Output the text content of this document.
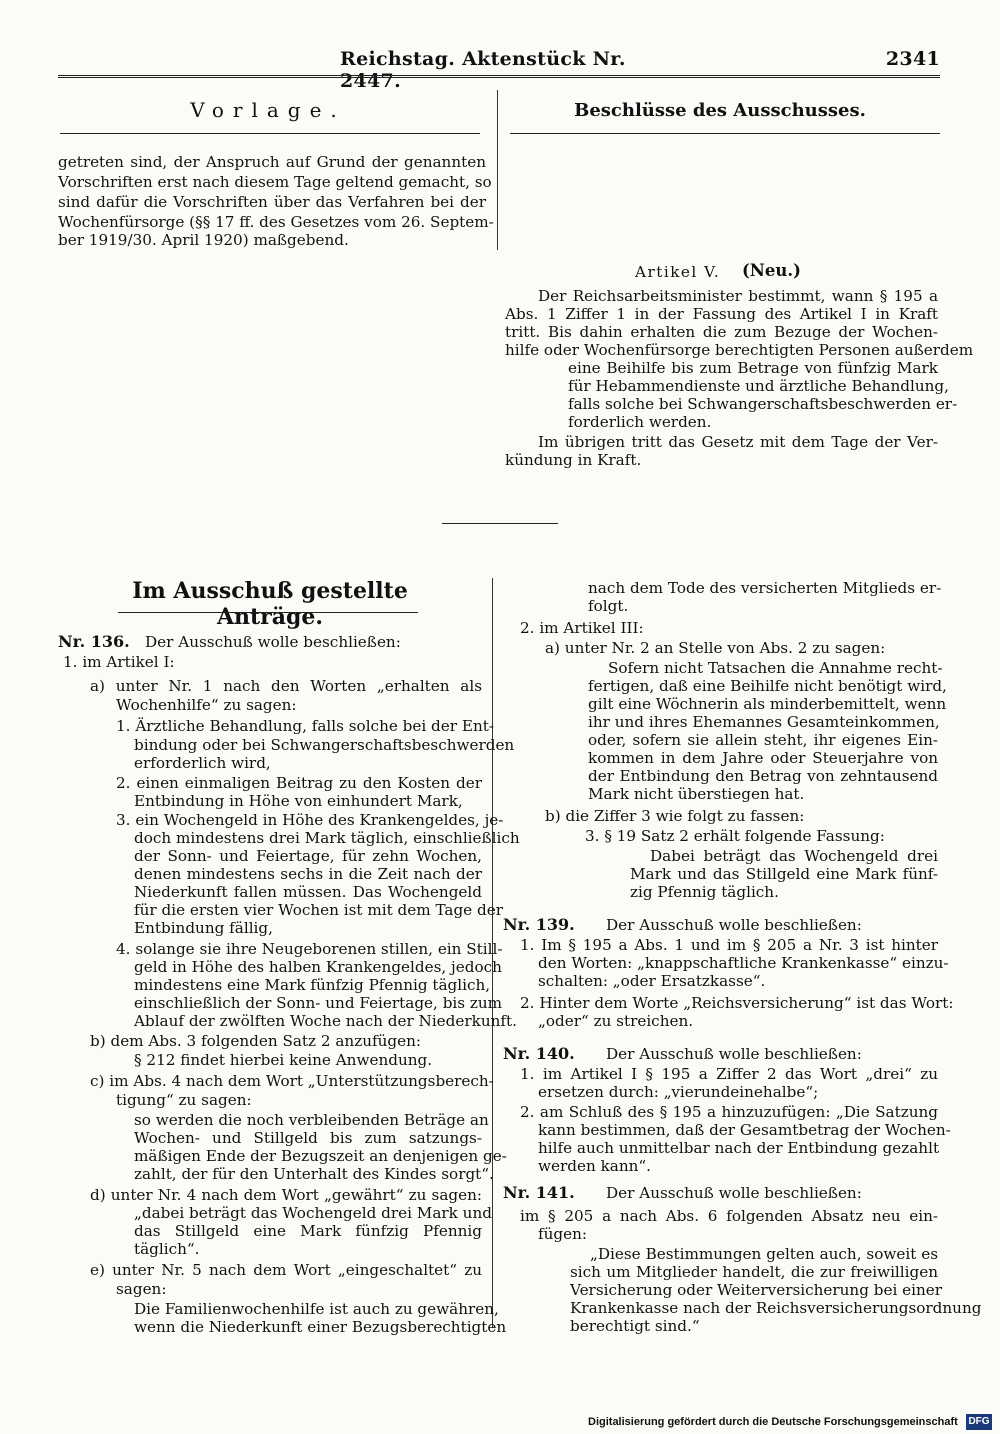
Reichstag. Aktenstück Nr. 2447.
2341
Vorlage.
getreten sind, der Anspruch auf Grund der genannten
Vorschriften erst nach diesem Tage geltend gemacht, so
sind dafür die Vorschriften über das Verfahren bei der
Wochenfürsorge (§§ 17 ff. des Gesetzes vom 26. Septem-
ber 1919/30. April 1920) maßgebend.
Beschlüsse des Ausschusses.
Artikel V. (Neu.)
Der Reichsarbeitsminister bestimmt, wann § 195 a
Abs. 1 Ziffer 1 in der Fassung des Artikel I in Kraft
tritt. Bis dahin erhalten die zum Bezuge der Wochen-
hilfe oder Wochenfürsorge berechtigten Personen außerdem
eine Beihilfe bis zum Betrage von fünfzig Mark
für Hebammendienste und ärztliche Behandlung,
falls solche bei Schwangerschaftsbeschwerden er-
forderlich werden.
Im übrigen tritt das Gesetz mit dem Tage der Ver-
kündung in Kraft.
Im Ausschuß gestellte Anträge.
Nr. 136. Der Ausschuß wolle beschließen:
1. im Artikel I:
a) unter Nr. 1 nach den Worten „erhalten als
Wochenhilfe“ zu sagen:
1. Ärztliche Behandlung, falls solche bei der Ent-
bindung oder bei Schwangerschaftsbeschwerden
erforderlich wird,
2. einen einmaligen Beitrag zu den Kosten der
Entbindung in Höhe von einhundert Mark,
3. ein Wochengeld in Höhe des Krankengeldes, je-
doch mindestens drei Mark täglich, einschließlich
der Sonn- und Feiertage, für zehn Wochen,
denen mindestens sechs in die Zeit nach der
Niederkunft fallen müssen. Das Wochengeld
für die ersten vier Wochen ist mit dem Tage der
Entbindung fällig,
4. solange sie ihre Neugeborenen stillen, ein Still-
geld in Höhe des halben Krankengeldes, jedoch
mindestens eine Mark fünfzig Pfennig täglich,
einschließlich der Sonn- und Feiertage, bis zum
Ablauf der zwölften Woche nach der Niederkunft.
b) dem Abs. 3 folgenden Satz 2 anzufügen:
§ 212 findet hierbei keine Anwendung.
c) im Abs. 4 nach dem Wort „Unterstützungsberech-
tigung“ zu sagen:
so werden die noch verbleibenden Beträge an
Wochen- und Stillgeld bis zum satzungs-
mäßigen Ende der Bezugszeit an denjenigen ge-
zahlt, der für den Unterhalt des Kindes sorgt“.
d) unter Nr. 4 nach dem Wort „gewährt“ zu sagen:
„dabei beträgt das Wochengeld drei Mark und
das Stillgeld eine Mark fünfzig Pfennig
täglich“.
e) unter Nr. 5 nach dem Wort „eingeschaltet“ zu
sagen:
Die Familienwochenhilfe ist auch zu gewähren,
wenn die Niederkunft einer Bezugsberechtigten
nach dem Tode des versicherten Mitglieds er-
folgt.
2. im Artikel III:
a) unter Nr. 2 an Stelle von Abs. 2 zu sagen:
Sofern nicht Tatsachen die Annahme recht-
fertigen, daß eine Beihilfe nicht benötigt wird,
gilt eine Wöchnerin als minderbemittelt, wenn
ihr und ihres Ehemannes Gesamteinkommen,
oder, sofern sie allein steht, ihr eigenes Ein-
kommen in dem Jahre oder Steuerjahre von
der Entbindung den Betrag von zehntausend
Mark nicht überstiegen hat.
b) die Ziffer 3 wie folgt zu fassen:
3. § 19 Satz 2 erhält folgende Fassung:
Dabei beträgt das Wochengeld drei
Mark und das Stillgeld eine Mark fünf-
zig Pfennig täglich.
1. Im § 195 a Abs. 1 und im § 205 a Nr. 3 ist hinter
den Worten: „knappschaftliche Krankenkasse“ einzu-
schalten: „oder Ersatzkasse“.
2. Hinter dem Worte „Reichsversicherung“ ist das Wort:
„oder“ zu streichen.
1. im Artikel I § 195 a Ziffer 2 das Wort „drei“ zu
ersetzen durch: „vierundeinehalbe“;
2. am Schluß des § 195 a hinzuzufügen: „Die Satzung
kann bestimmen, daß der Gesamtbetrag der Wochen-
hilfe auch unmittelbar nach der Entbindung gezahlt
werden kann“.
im § 205 a nach Abs. 6 folgenden Absatz neu ein-
fügen:
„Diese Bestimmungen gelten auch, soweit es
sich um Mitglieder handelt, die zur freiwilligen
Versicherung oder Weiterversicherung bei einer
Krankenkasse nach der Reichsversicherungsordnung
berechtigt sind.“
Nr. 139. Der Ausschuß wolle beschließen:
Nr. 140. Der Ausschuß wolle beschließen:
Nr. 141. Der Ausschuß wolle beschließen:
Digitalisierung gefördert durch die Deutsche Forschungsgemeinschaft DFG
